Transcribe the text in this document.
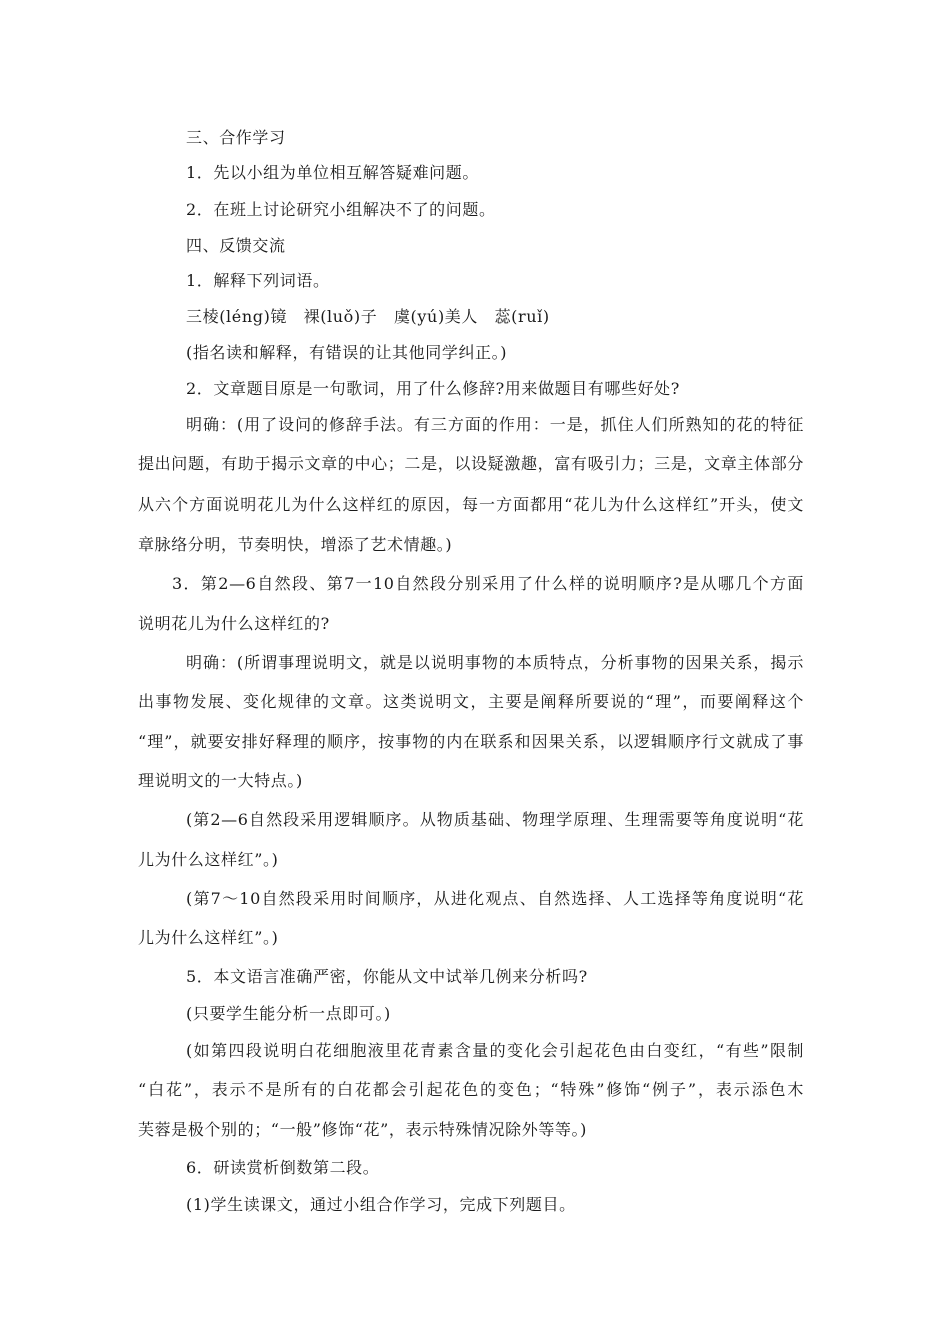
三、合作学习
1．先以小组为单位相互解答疑难问题。
2．在班上讨论研究小组解决不了的问题。
四、反馈交流
1．解释下列词语。
三棱(léng)镜　裸(luǒ)子　虞(yú)美人　蕊(ruǐ)
(指名读和解释，有错误的让其他同学纠正。)
2．文章题目原是一句歌词，用了什么修辞?用来做题目有哪些好处?
明确：(用了设问的修辞手法。有三方面的作用：一是，抓住人们所熟知的花的特征
提出问题，有助于揭示文章的中心；二是，以设疑激趣，富有吸引力；三是，文章主体部分
从六个方面说明花儿为什么这样红的原因，每一方面都用“花儿为什么这样红”开头，使文
章脉络分明，节奏明快，增添了艺术情趣。)
3．第2—6自然段、第7一10自然段分别采用了什么样的说明顺序?是从哪几个方面
说明花儿为什么这样红的?
明确：(所谓事理说明文，就是以说明事物的本质特点，分析事物的因果关系，揭示
出事物发展、变化规律的文章。这类说明文，主要是阐释所要说的“理”，而要阐释这个
“理”，就要安排好释理的顺序，按事物的内在联系和因果关系，以逻辑顺序行文就成了事
理说明文的一大特点。)
(第2—6自然段采用逻辑顺序。从物质基础、物理学原理、生理需要等角度说明“花
儿为什么这样红”。)
(第7～10自然段采用时间顺序，从进化观点、自然选择、人工选择等角度说明“花
儿为什么这样红”。)
5．本文语言准确严密，你能从文中试举几例来分析吗?
(只要学生能分析一点即可。)
(如第四段说明白花细胞液里花青素含量的变化会引起花色由白变红，“有些”限制
“白花”，表示不是所有的白花都会引起花色的变色；“特殊”修饰“例子”，表示添色木
芙蓉是极个别的；“一般”修饰“花”，表示特殊情况除外等等。)
6．研读赏析倒数第二段。
(1)学生读课文，通过小组合作学习，完成下列题目。
